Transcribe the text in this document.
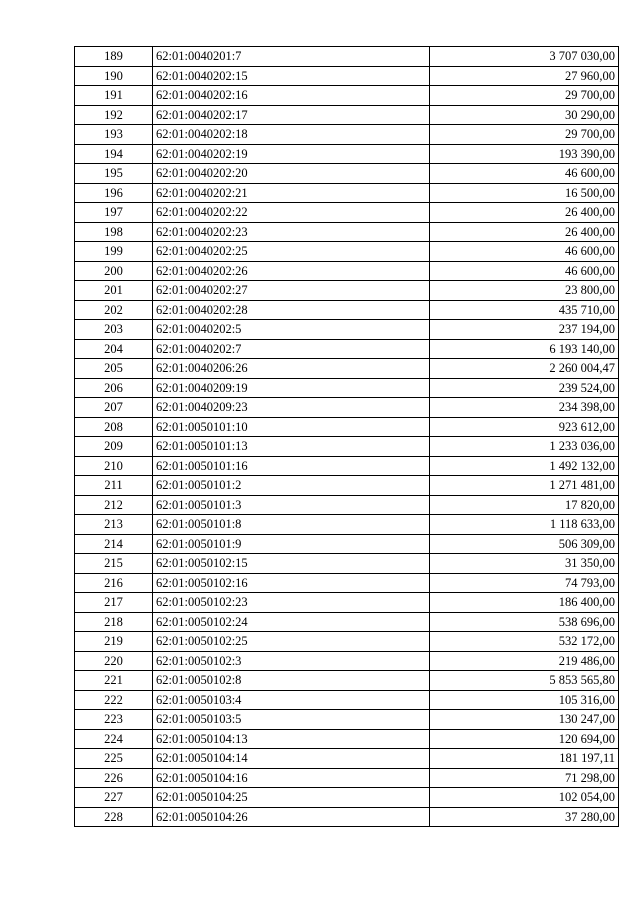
189	62:01:0040201:7	3 707 030,00
190	62:01:0040202:15	27 960,00
191	62:01:0040202:16	29 700,00
192	62:01:0040202:17	30 290,00
193	62:01:0040202:18	29 700,00
194	62:01:0040202:19	193 390,00
195	62:01:0040202:20	46 600,00
196	62:01:0040202:21	16 500,00
197	62:01:0040202:22	26 400,00
198	62:01:0040202:23	26 400,00
199	62:01:0040202:25	46 600,00
200	62:01:0040202:26	46 600,00
201	62:01:0040202:27	23 800,00
202	62:01:0040202:28	435 710,00
203	62:01:0040202:5	237 194,00
204	62:01:0040202:7	6 193 140,00
205	62:01:0040206:26	2 260 004,47
206	62:01:0040209:19	239 524,00
207	62:01:0040209:23	234 398,00
208	62:01:0050101:10	923 612,00
209	62:01:0050101:13	1 233 036,00
210	62:01:0050101:16	1 492 132,00
211	62:01:0050101:2	1 271 481,00
212	62:01:0050101:3	17 820,00
213	62:01:0050101:8	1 118 633,00
214	62:01:0050101:9	506 309,00
215	62:01:0050102:15	31 350,00
216	62:01:0050102:16	74 793,00
217	62:01:0050102:23	186 400,00
218	62:01:0050102:24	538 696,00
219	62:01:0050102:25	532 172,00
220	62:01:0050102:3	219 486,00
221	62:01:0050102:8	5 853 565,80
222	62:01:0050103:4	105 316,00
223	62:01:0050103:5	130 247,00
224	62:01:0050104:13	120 694,00
225	62:01:0050104:14	181 197,11
226	62:01:0050104:16	71 298,00
227	62:01:0050104:25	102 054,00
228	62:01:0050104:26	37 280,00
